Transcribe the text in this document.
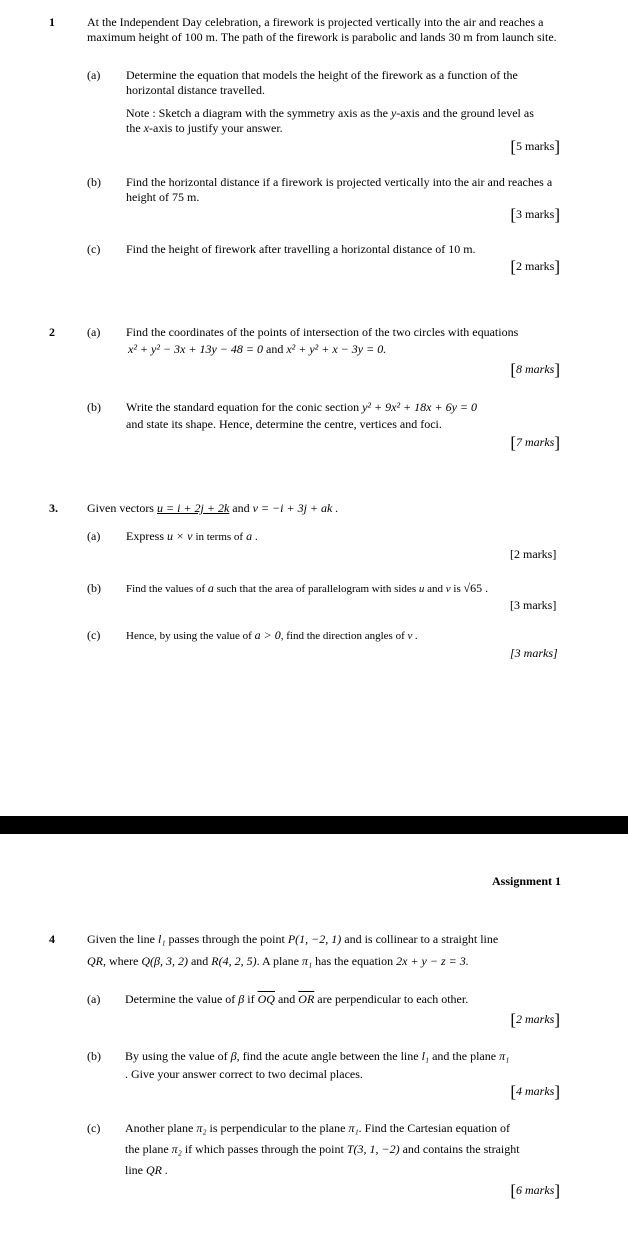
1	At the Independent Day celebration, a firework is projected vertically into the air and reaches a maximum height of 100 m. The path of the firework is parabolic and lands 30 m from launch site.
(a) Determine the equation that models the height of the firework as a function of the horizontal distance travelled.
Note : Sketch a diagram with the symmetry axis as the y-axis and the ground level as the x-axis to justify your answer.
[5 marks]
(b) Find the horizontal distance if a firework is projected vertically into the air and reaches a height of 75 m.
[3 marks]
(c) Find the height of firework after travelling a horizontal distance of 10 m.
[2 marks]
2	(a) Find the coordinates of the points of intersection of the two circles with equations
x² + y² − 3x + 13y − 48 = 0 and x² + y² + x − 3y = 0.
[8 marks]
(b) Write the standard equation for the conic section y² + 9x² + 18x + 6y = 0
and state its shape. Hence, determine the centre, vertices and foci.
[7 marks]
3. Given vectors u = i + 2j + 2k and v = −i + 3j + ak .
(a) Express u × v in terms of a .
[2 marks]
(b) Find the values of a such that the area of parallelogram with sides u and v is √65 .
[3 marks]
(c) Hence, by using the value of a > 0, find the direction angles of v .
[3 marks]
Assignment 1
4	Given the line l₁ passes through the point P(1, −2, 1) and is collinear to a straight line
QR, where Q(β, 3, 2) and R(4, 2, 5). A plane π₁ has the equation 2x + y − z = 3.
(a) Determine the value of β if $\overline{OQ}$ and $\overline{OR}$ are perpendicular to each other.
[2 marks]
(b) By using the value of β, find the acute angle between the line l₁ and the plane π₁
. Give your answer correct to two decimal places.
[4 marks]
(c) Another plane π₂ is perpendicular to the plane π₁. Find the Cartesian equation of
the plane π₂ if which passes through the point T(3, 1, −2) and contains the straight
line QR .
[6 marks]
